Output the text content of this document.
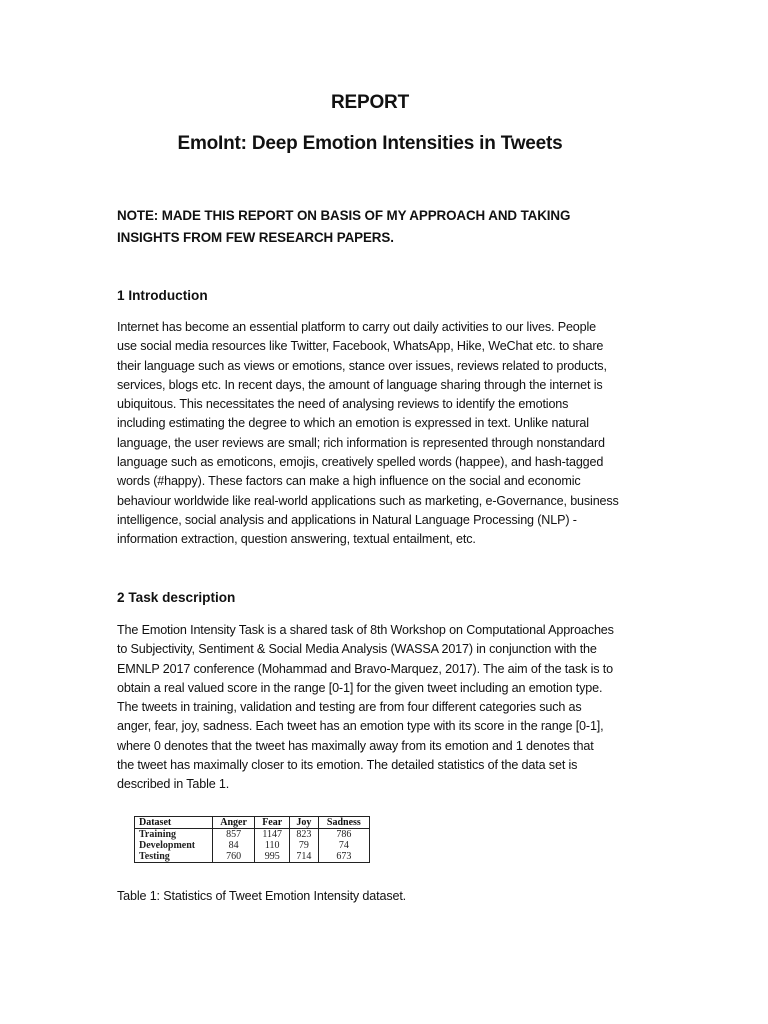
REPORT
EmoInt: Deep Emotion Intensities in Tweets
NOTE: MADE THIS REPORT ON BASIS OF MY APPROACH AND TAKING
INSIGHTS FROM FEW RESEARCH PAPERS.
1 Introduction
Internet has become an essential platform to carry out daily activities to our lives. People
use social media resources like Twitter, Facebook, WhatsApp, Hike, WeChat etc. to share
their language such as views or emotions, stance over issues, reviews related to products,
services, blogs etc. In recent days, the amount of language sharing through the internet is
ubiquitous. This necessitates the need of analysing reviews to identify the emotions
including estimating the degree to which an emotion is expressed in text. Unlike natural
language, the user reviews are small; rich information is represented through nonstandard
language such as emoticons, emojis, creatively spelled words (happee), and hash-tagged
words (#happy). These factors can make a high influence on the social and economic
behaviour worldwide like real-world applications such as marketing, e-Governance, business
intelligence, social analysis and applications in Natural Language Processing (NLP) -
information extraction, question answering, textual entailment, etc.
2 Task description
The Emotion Intensity Task is a shared task of 8th Workshop on Computational Approaches
to Subjectivity, Sentiment & Social Media Analysis (WASSA 2017) in conjunction with the
EMNLP 2017 conference (Mohammad and Bravo-Marquez, 2017). The aim of the task is to
obtain a real valued score in the range [0-1] for the given tweet including an emotion type.
The tweets in training, validation and testing are from four different categories such as
anger, fear, joy, sadness. Each tweet has an emotion type with its score in the range [0-1],
where 0 denotes that the tweet has maximally away from its emotion and 1 denotes that
the tweet has maximally closer to its emotion. The detailed statistics of the data set is
described in Table 1.
Dataset	Anger	Fear	Joy	Sadness
Training	857	1147	823	786
Development	84	110	79	74
Testing	760	995	714	673
Table 1: Statistics of Tweet Emotion Intensity dataset.
